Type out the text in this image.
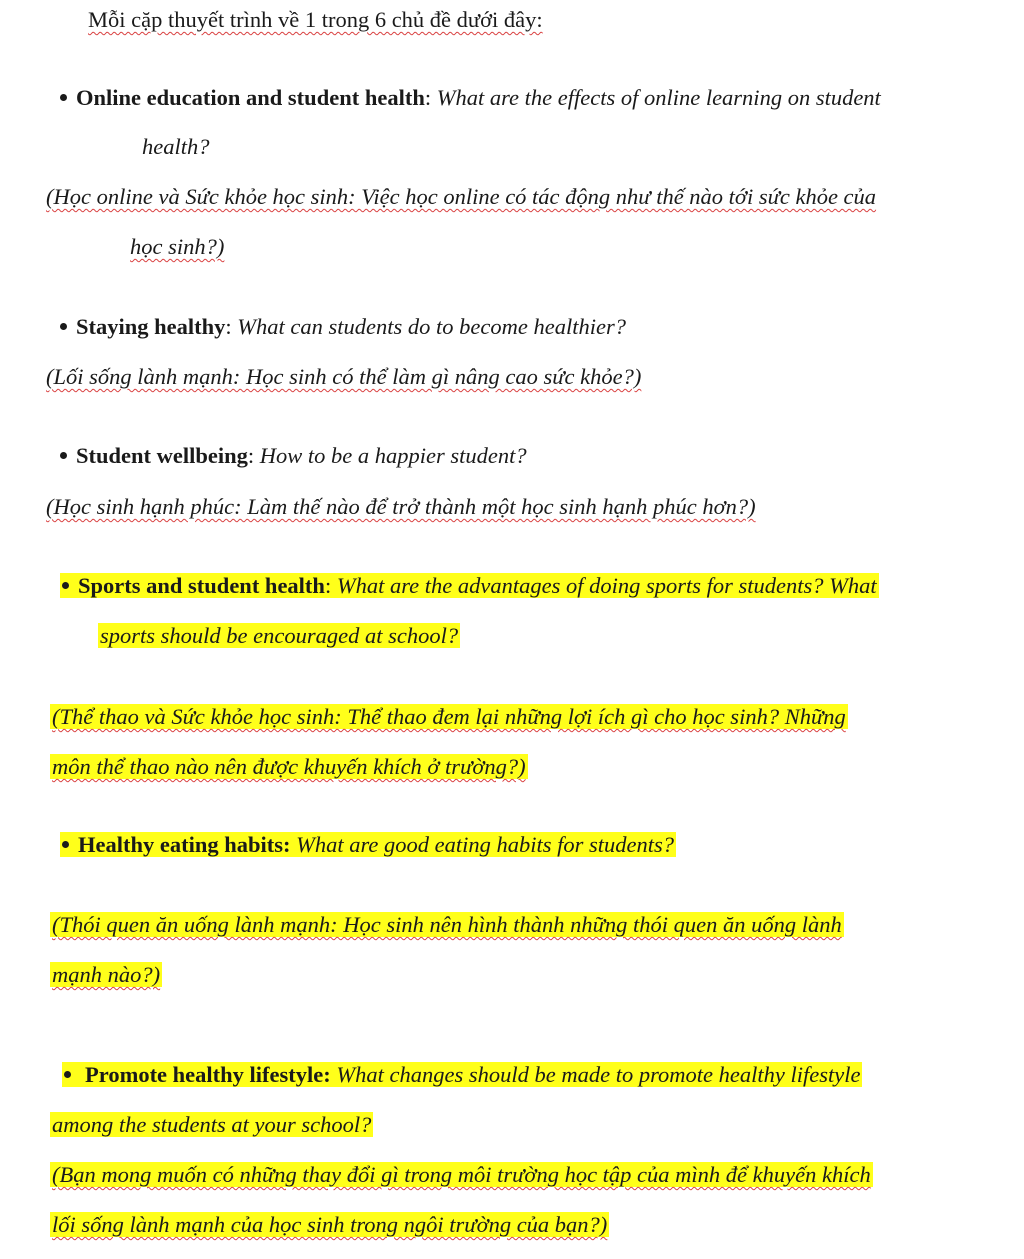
Mỗi cặp thuyết trình về 1 trong 6 chủ đề dưới đây:
Online education and student health: What are the effects of online learning on student
health?
(Học online và Sức khỏe học sinh: Việc học online có tác động như thế nào tới sức khỏe của
học sinh?)
Staying healthy: What can students do to become healthier?
(Lối sống lành mạnh: Học sinh có thể làm gì nâng cao sức khỏe?)
Student wellbeing: How to be a happier student?
(Học sinh hạnh phúc: Làm thế nào để trở thành một học sinh hạnh phúc hơn?)
Sports and student health: What are the advantages of doing sports for students? What
sports should be encouraged at school?
(Thể thao và Sức khỏe học sinh: Thể thao đem lại những lợi ích gì cho học sinh? Những
môn thể thao nào nên được khuyến khích ở trường?)
Healthy eating habits: What are good eating habits for students?
(Thói quen ăn uống lành mạnh: Học sinh nên hình thành những thói quen ăn uống lành
mạnh nào?)
Promote healthy lifestyle: What changes should be made to promote healthy lifestyle
among the students at your school?
(Bạn mong muốn có những thay đổi gì trong môi trường học tập của mình để khuyến khích
lối sống lành mạnh của học sinh trong ngôi trường của bạn?)
